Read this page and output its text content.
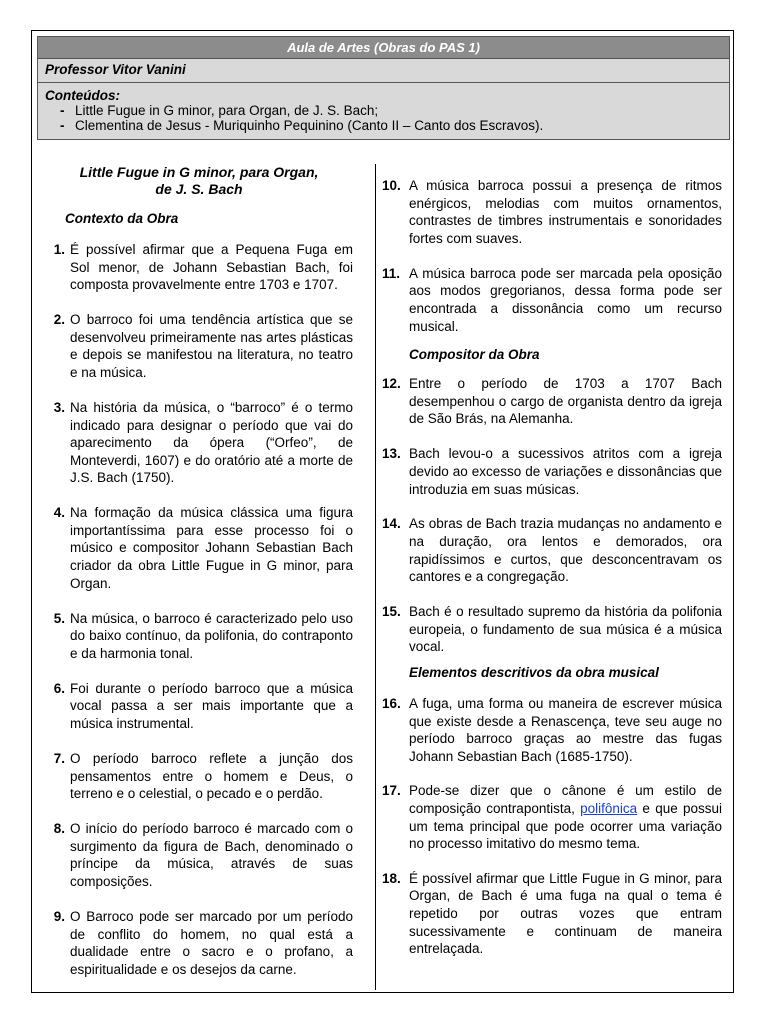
Aula de Artes (Obras do PAS 1)
Professor Vitor Vanini
Conteúdos:
- Little Fugue in G minor, para Organ, de J. S. Bach;
- Clementina de Jesus - Muriquinho Pequinino (Canto II – Canto dos Escravos).
Little Fugue in G minor, para Organ,
de J. S. Bach
Contexto da Obra
1. É possível afirmar que a Pequena Fuga em Sol menor, de Johann Sebastian Bach, foi composta provavelmente entre 1703 e 1707.
2. O barroco foi uma tendência artística que se desenvolveu primeiramente nas artes plásticas e depois se manifestou na literatura, no teatro e na música.
3. Na história da música, o “barroco” é o termo indicado para designar o período que vai do aparecimento da ópera (“Orfeo”, de Monteverdi, 1607) e do oratório até a morte de J.S. Bach (1750).
4. Na formação da música clássica uma figura importantíssima para esse processo foi o músico e compositor Johann Sebastian Bach criador da obra Little Fugue in G minor, para Organ.
5. Na música, o barroco é caracterizado pelo uso do baixo contínuo, da polifonia, do contraponto e da harmonia tonal.
6. Foi durante o período barroco que a música vocal passa a ser mais importante que a música instrumental.
7. O período barroco reflete a junção dos pensamentos entre o homem e Deus, o terreno e o celestial, o pecado e o perdão.
8. O início do período barroco é marcado com o surgimento da figura de Bach, denominado o príncipe da música, através de suas composições.
9. O Barroco pode ser marcado por um período de conflito do homem, no qual está a dualidade entre o sacro e o profano, a espiritualidade e os desejos da carne.
10. A música barroca possui a presença de ritmos enérgicos, melodias com muitos ornamentos, contrastes de timbres instrumentais e sonoridades fortes com suaves.
11. A música barroca pode ser marcada pela oposição aos modos gregorianos, dessa forma pode ser encontrada a dissonância como um recurso musical.
Compositor da Obra
12. Entre o período de 1703 a 1707 Bach desempenhou o cargo de organista dentro da igreja de São Brás, na Alemanha.
13. Bach levou-o a sucessivos atritos com a igreja devido ao excesso de variações e dissonâncias que introduzia em suas músicas.
14. As obras de Bach trazia mudanças no andamento e na duração, ora lentos e demorados, ora rapidíssimos e curtos, que desconcentravam os cantores e a congregação.
15. Bach é o resultado supremo da história da polifonia europeia, o fundamento de sua música é a música vocal.
Elementos descritivos da obra musical
16. A fuga, uma forma ou maneira de escrever música que existe desde a Renascença, teve seu auge no período barroco graças ao mestre das fugas Johann Sebastian Bach (1685-1750).
17. Pode-se dizer que o cânone é um estilo de composição contrapontista, polifônica e que possui um tema principal que pode ocorrer uma variação no processo imitativo do mesmo tema.
18. É possível afirmar que Little Fugue in G minor, para Organ, de Bach é uma fuga na qual o tema é repetido por outras vozes que entram sucessivamente e continuam de maneira entrelaçada.
